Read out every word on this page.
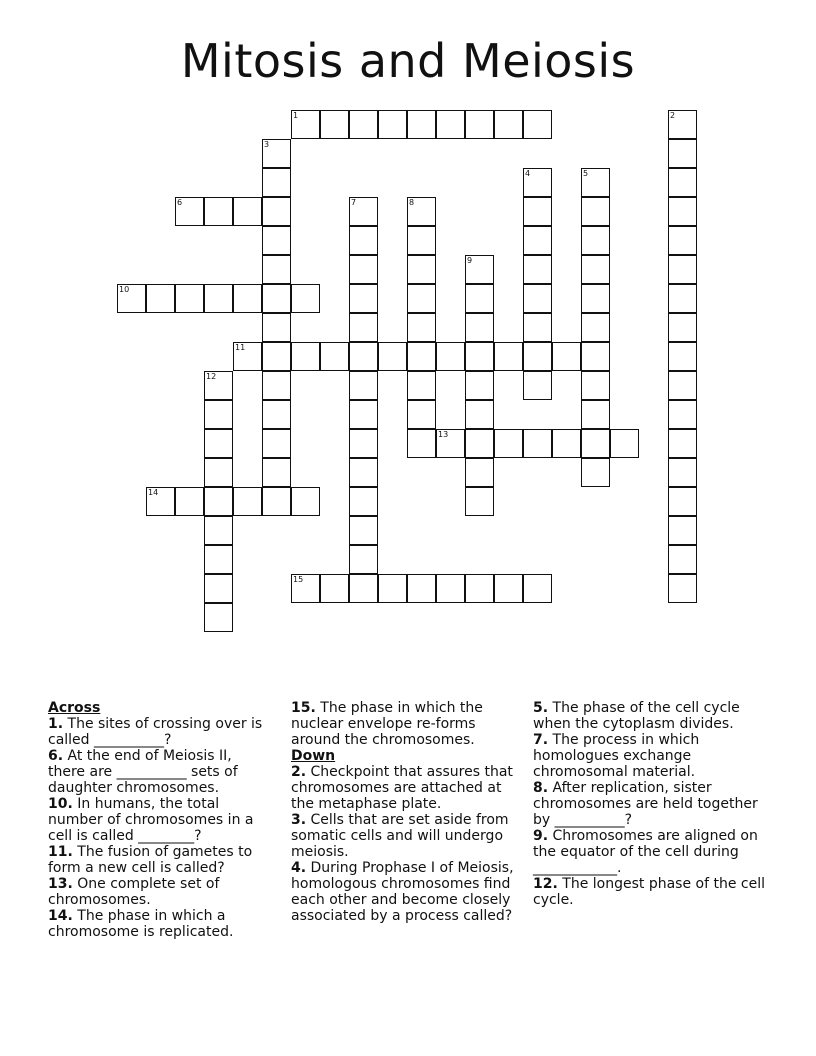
Mitosis and Meiosis
1	2
3
4	5
6	7	8
9
10
11
12
13
14
15
Across

1. The sites of crossing over is called __________?

6. At the end of Meiosis II, there are __________ sets of daughter chromosomes.

10. In humans, the total number of chromosomes in a cell is called ________?

11. The fusion of gametes to form a new cell is called?

13. One complete set of chromosomes.

14. The phase in which a chromosome is replicated.

15. The phase in which the nuclear envelope re-forms around the chromosomes.

Down

2. Checkpoint that assures that chromosomes are attached at the metaphase plate.

3. Cells that are set aside from somatic cells and will undergo meiosis.

4. During Prophase I of Meiosis, homologous chromosomes find each other and become closely associated by a process called?

5. The phase of the cell cycle when the cytoplasm divides.

7. The process in which homologues exchange chromosomal material.

8. After replication, sister chromosomes are held together by __________?

9. Chromosomes are aligned on the equator of the cell during ____________.

12. The longest phase of the cell cycle.
